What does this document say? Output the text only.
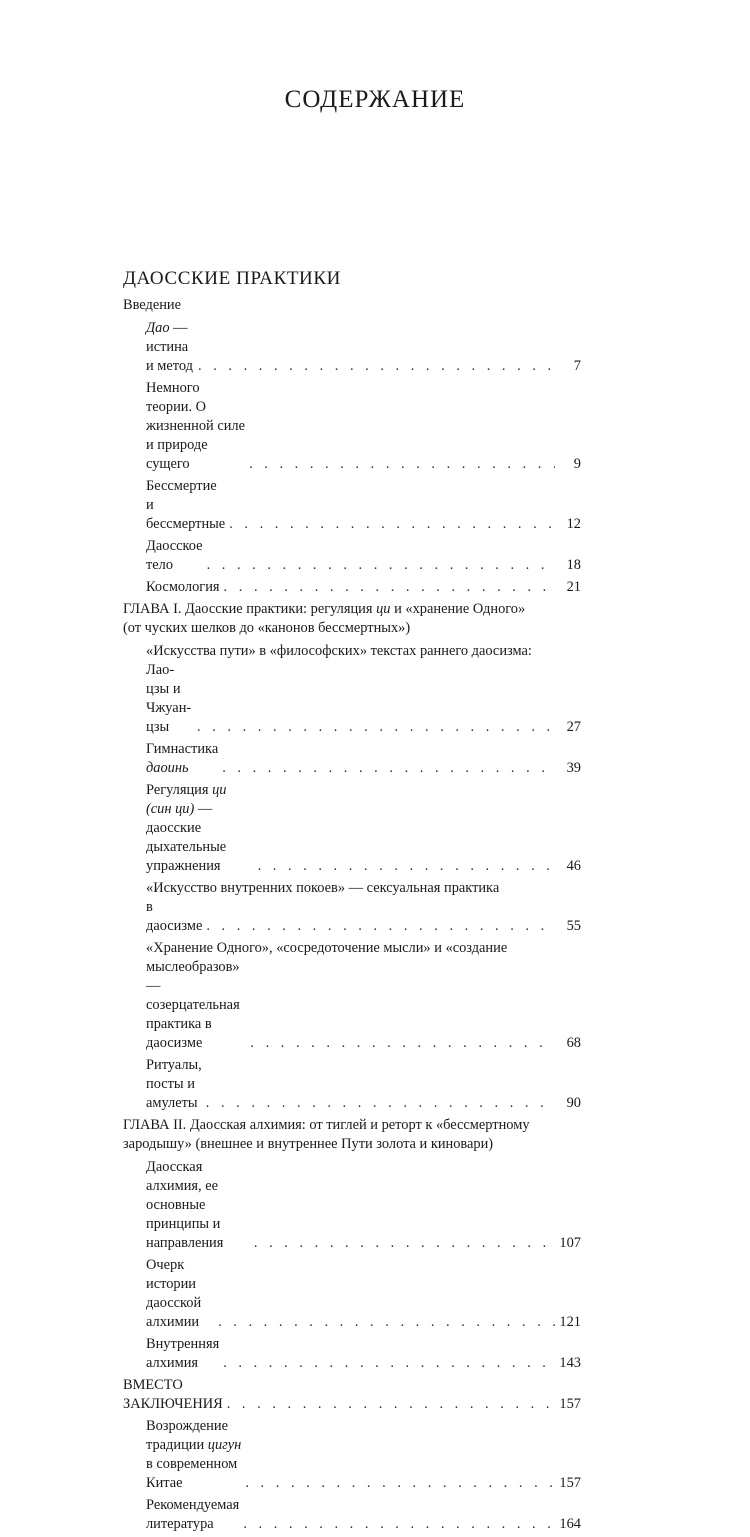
СОДЕРЖАНИЕ
ДАОССКИЕ ПРАКТИКИ
Введение
Дао — истина и метод . . .	7
Немного теории. О жизненной силе и природе сущего . . .	9
Бессмертие и бессмертные . . .	12
Даосское тело . . .	18
Космология . . .	21
ГЛАВА I. Даосские практики: регуляция ци и «хранение Одного»
(от чуских шелков до «канонов бессмертных»)
«Искусства пути» в «философских» текстах раннего даосизма:
Лао-цзы и Чжуан-цзы . . .	27
Гимнастика даоинь . . .	39
Регуляция ци (син ци) — даосские дыхательные упражнения . . .	46
«Искусство внутренних покоев» — сексуальная практика
в даосизме . . .	55
«Хранение Одного», «сосредоточение мысли» и «создание
мыслеобразов» — созерцательная практика в даосизме . . .	68
Ритуалы, посты и амулеты . . .	90
ГЛАВА II. Даосская алхимия: от тиглей и реторт к «бессмертному
зародышу» (внешнее и внутреннее Пути золота и киновари)
Даосская алхимия, ее основные принципы и направления . . .	107
Очерк истории даосской алхимии . . .	121
Внутренняя алхимия . . .	143
ВМЕСТО ЗАКЛЮЧЕНИЯ . . .	157
Возрождение традиции цигун в современном Китае . . .	157
Рекомендуемая литература . . .	164
